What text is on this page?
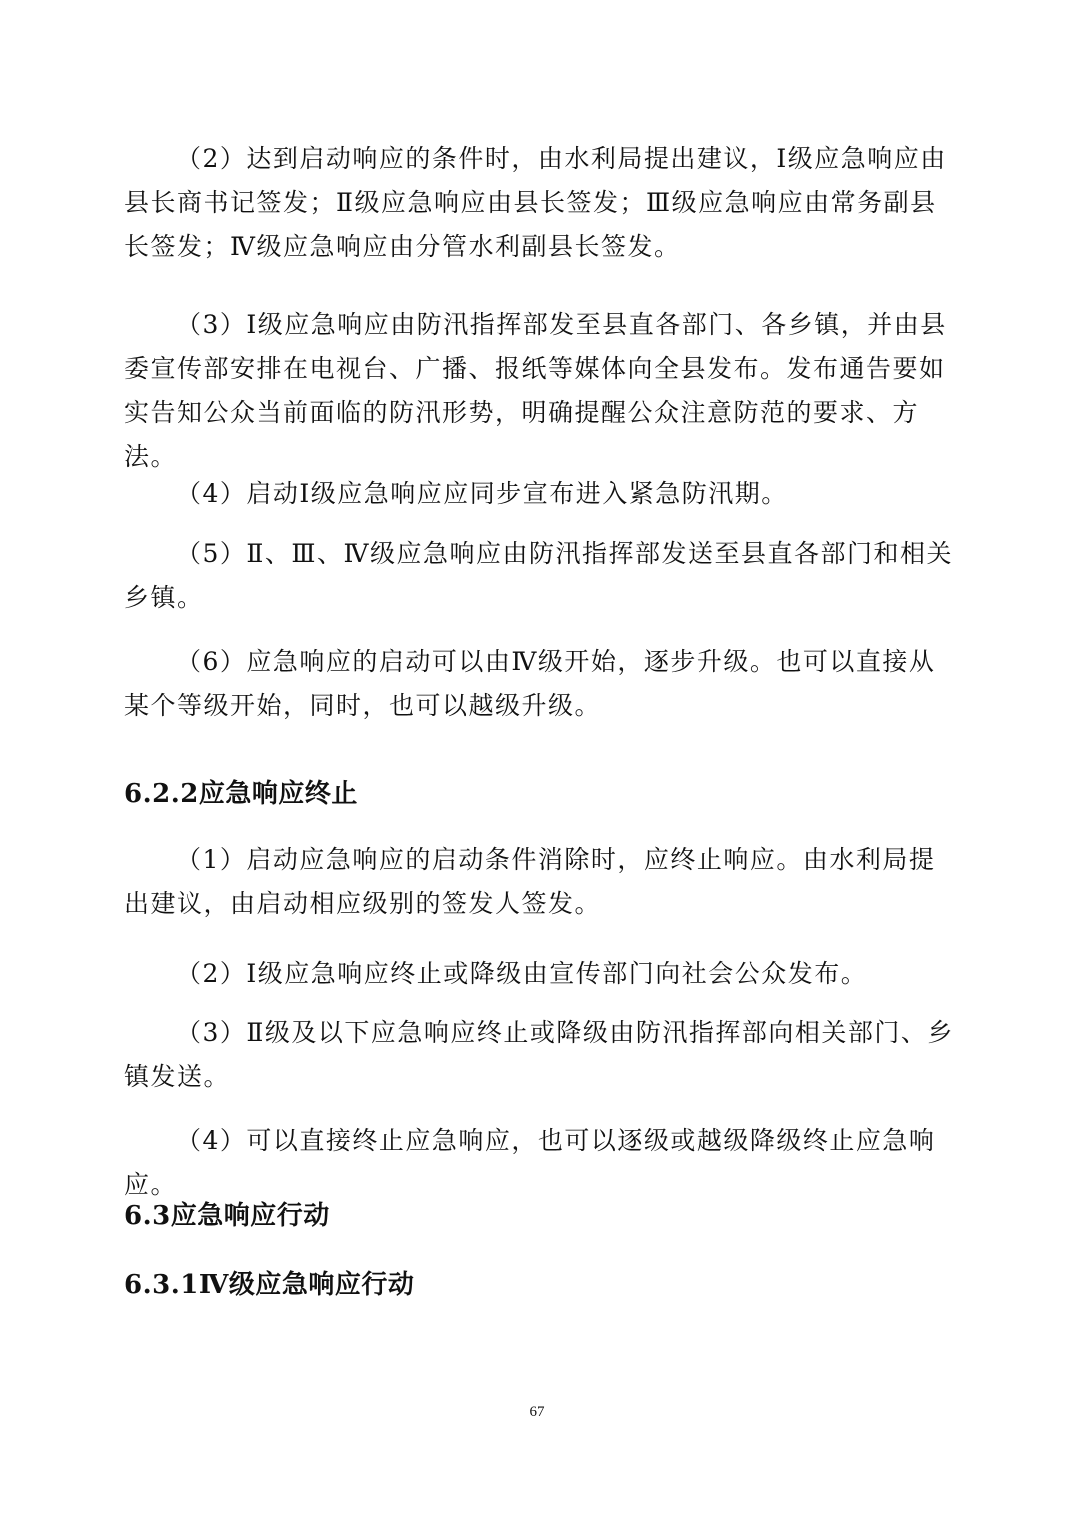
（2）达到启动响应的条件时，由水利局提出建议，Ⅰ级应急响应由县长商书记签发；Ⅱ级应急响应由县长签发；Ⅲ级应急响应由常务副县长签发；Ⅳ级应急响应由分管水利副县长签发。

（3）Ⅰ级应急响应由防汛指挥部发至县直各部门、各乡镇，并由县委宣传部安排在电视台、广播、报纸等媒体向全县发布。发布通告要如实告知公众当前面临的防汛形势，明确提醒公众注意防范的要求、方法。

（4）启动Ⅰ级应急响应应同步宣布进入紧急防汛期。

（5）Ⅱ、Ⅲ、Ⅳ级应急响应由防汛指挥部发送至县直各部门和相关乡镇。

（6）应急响应的启动可以由Ⅳ级开始，逐步升级。也可以直接从某个等级开始，同时，也可以越级升级。

6.2.2应急响应终止

（1）启动应急响应的启动条件消除时，应终止响应。由水利局提出建议，由启动相应级别的签发人签发。

（2）Ⅰ级应急响应终止或降级由宣传部门向社会公众发布。

（3）Ⅱ级及以下应急响应终止或降级由防汛指挥部向相关部门、乡镇发送。

（4）可以直接终止应急响应，也可以逐级或越级降级终止应急响应。

6.3应急响应行动
6.3.1Ⅳ级应急响应行动
67
